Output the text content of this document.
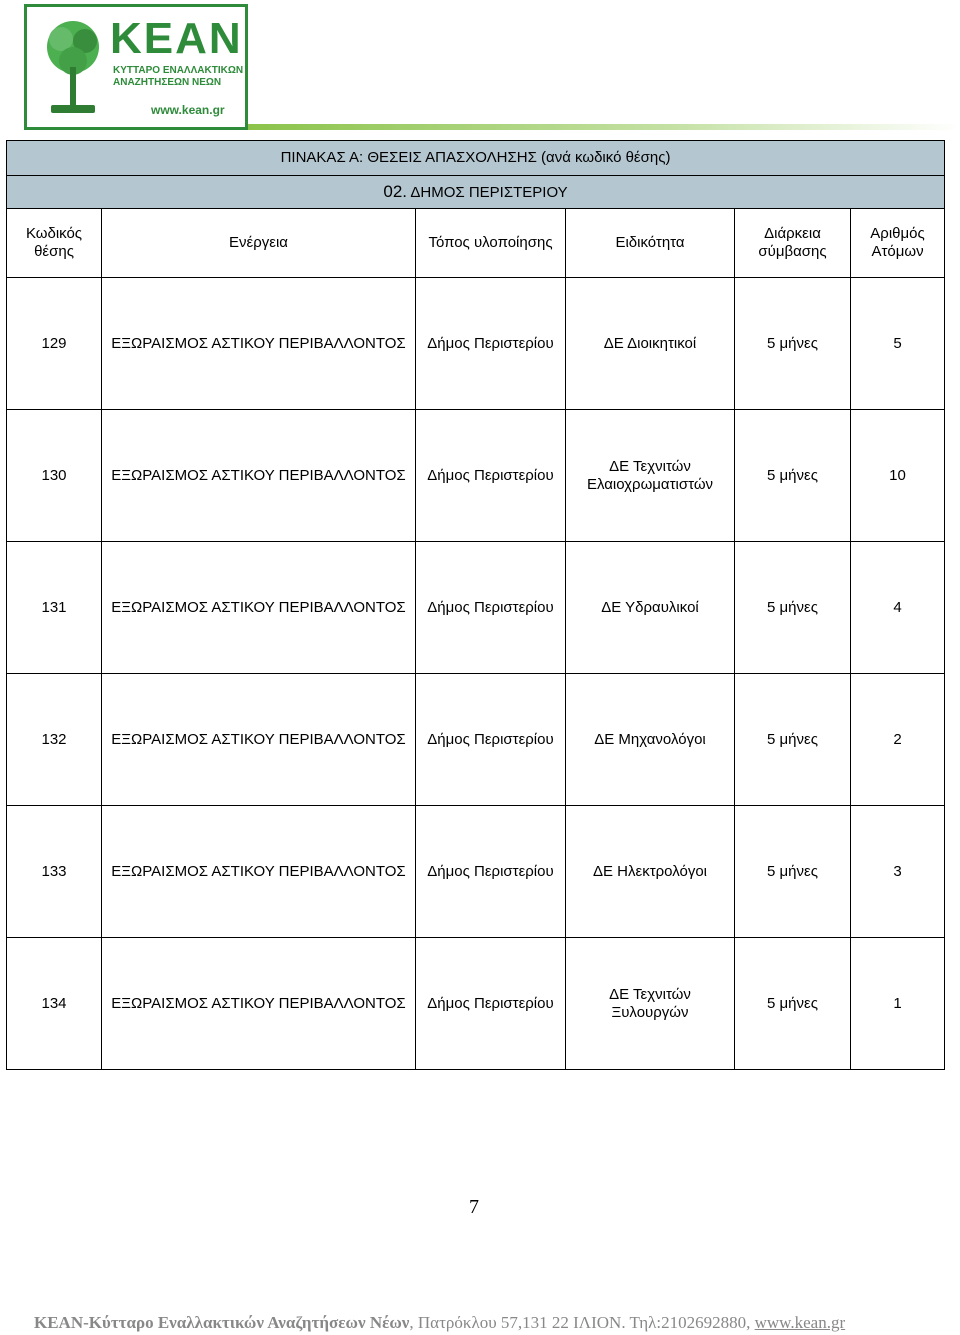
KEAN
ΚΥΤΤΑΡΟ ΕΝΑΛΛΑΚΤΙΚΩΝ ΑΝΑΖΗΤΗΣΕΩΝ ΝΕΩΝ
www.kean.gr
ΠΙΝΑΚΑΣ Α: ΘΕΣΕΙΣ ΑΠΑΣΧΟΛΗΣΗΣ (ανά κωδικό θέσης)					
02. ΔΗΜΟΣ ΠΕΡΙΣΤΕΡΙΟΥ					
Κωδικός θέσης	Ενέργεια	Τόπος υλοποίησης	Ειδικότητα	Διάρκεια σύμβασης	Αριθμός Ατόμων
129	ΕΞΩΡΑΙΣΜΟΣ ΑΣΤΙΚΟΥ ΠΕΡΙΒΑΛΛΟΝΤΟΣ	Δήμος Περιστερίου	ΔΕ Διοικητικοί	5 μήνες	5
130	ΕΞΩΡΑΙΣΜΟΣ ΑΣΤΙΚΟΥ ΠΕΡΙΒΑΛΛΟΝΤΟΣ	Δήμος Περιστερίου	ΔΕ Τεχνιτών Ελαιοχρωματιστών	5 μήνες	10
131	ΕΞΩΡΑΙΣΜΟΣ ΑΣΤΙΚΟΥ ΠΕΡΙΒΑΛΛΟΝΤΟΣ	Δήμος Περιστερίου	ΔΕ Υδραυλικοί	5 μήνες	4
132	ΕΞΩΡΑΙΣΜΟΣ ΑΣΤΙΚΟΥ ΠΕΡΙΒΑΛΛΟΝΤΟΣ	Δήμος Περιστερίου	ΔΕ Μηχανολόγοι	5 μήνες	2
133	ΕΞΩΡΑΙΣΜΟΣ ΑΣΤΙΚΟΥ ΠΕΡΙΒΑΛΛΟΝΤΟΣ	Δήμος Περιστερίου	ΔΕ Ηλεκτρολόγοι	5 μήνες	3
134	ΕΞΩΡΑΙΣΜΟΣ ΑΣΤΙΚΟΥ ΠΕΡΙΒΑΛΛΟΝΤΟΣ	Δήμος Περιστερίου	ΔΕ Τεχνιτών Ξυλουργών	5 μήνες	1
7
ΚΕΑΝ-Κύτταρο Εναλλακτικών Αναζητήσεων Νέων, Πατρόκλου 57,131 22 ΙΛΙΟΝ. Τηλ:2102692880, www.kean.gr
